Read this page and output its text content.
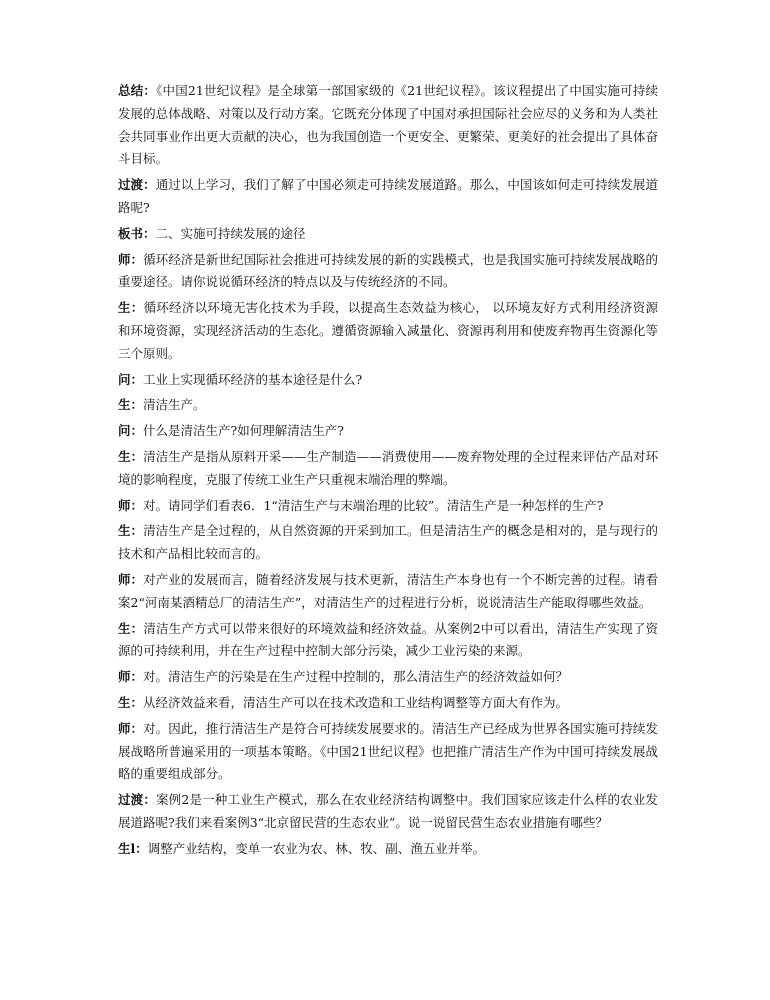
总结：《中国21世纪议程》是全球第一部国家级的《21世纪议程》。该议程提出了中国实施可持续发展的总体战略、对策以及行动方案。它既充分体现了中国对承担国际社会应尽的义务和为人类社会共同事业作出更大贡献的决心，也为我国创造一个更安全、更繁荣、更美好的社会提出了具体奋斗目标。

过渡：通过以上学习，我们了解了中国必须走可持续发展道路。那么，中国该如何走可持续发展道路呢?

板书：二、实施可持续发展的途径

师：循环经济是新世纪国际社会推进可持续发展的新的实践模式，也是我国实施可持续发展战略的重要途径。请你说说循环经济的特点以及与传统经济的不同。

生：循环经济以环境无害化技术为手段，以提高生态效益为核心， 以环境友好方式利用经济资源和环境资源，实现经济活动的生态化。遵循资源输入减量化、资源再利用和使废弃物再生资源化等三个原则。

问：工业上实现循环经济的基本途径是什么?

生：清洁生产。

问：什么是清洁生产?如何理解清洁生产?

生：清洁生产是指从原料开采——生产制造——消费使用——废弃物处理的全过程来评估产品对环境的影响程度，克服了传统工业生产只重视末端治理的弊端。

师：对。请同学们看表6．1“清洁生产与末端治理的比较”。清洁生产是一种怎样的生产?

生：清洁生产是全过程的，从自然资源的开采到加工。但是清洁生产的概念是相对的，是与现行的技术和产品相比较而言的。

师：对产业的发展而言，随着经济发展与技术更新，清洁生产本身也有一个不断完善的过程。请看案2“河南某酒精总厂的清洁生产”，对清洁生产的过程进行分析，说说清洁生产能取得哪些效益。

生：清洁生产方式可以带来很好的环境效益和经济效益。从案例2中可以看出，清洁生产实现了资源的可持续利用，并在生产过程中控制大部分污染，减少工业污染的来源。

师：对。清洁生产的污染是在生产过程中控制的，那么清洁生产的经济效益如何？

生：从经济效益来看，清洁生产可以在技术改造和工业结构调整等方面大有作为。

师：对。因此，推行清洁生产是符合可持续发展要求的。清洁生产已经成为世界各国实施可持续发展战略所普遍采用的一项基本策略。《中国21世纪议程》也把推广清洁生产作为中国可持续发展战略的重要组成部分。

过渡：案例2是一种工业生产模式，那么在农业经济结构调整中。我们国家应该走什么样的农业发展道路呢?我们来看案例3“北京留民营的生态农业”。说一说留民营生态农业措施有哪些？

生l：调整产业结构，变单一农业为农、林、牧、副、渔五业并举。
